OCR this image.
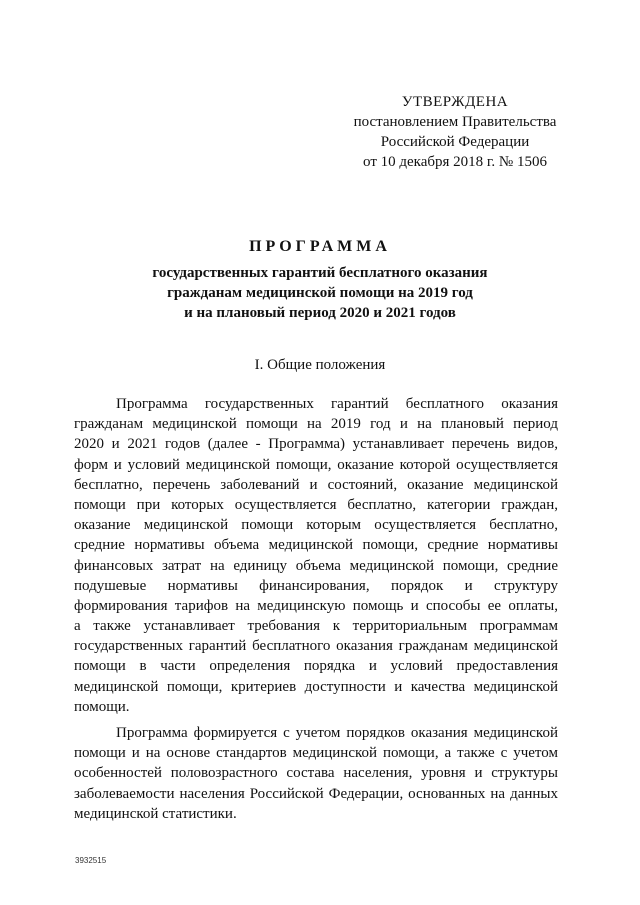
УТВЕРЖДЕНА
постановлением Правительства
Российской Федерации
от 10 декабря 2018 г. № 1506
ПРОГРАММА
государственных гарантий бесплатного оказания
гражданам медицинской помощи на 2019 год
и на плановый период 2020 и 2021 годов
I. Общие положения
Программа государственных гарантий бесплатного оказания
гражданам медицинской помощи на 2019 год и на плановый период
2020 и 2021 годов (далее - Программа) устанавливает перечень видов,
форм и условий медицинской помощи, оказание которой осуществляется
бесплатно, перечень заболеваний и состояний, оказание медицинской
помощи при которых осуществляется бесплатно, категории граждан,
оказание медицинской помощи которым осуществляется бесплатно,
средние нормативы объема медицинской помощи, средние нормативы
финансовых затрат на единицу объема медицинской помощи, средние
подушевые нормативы финансирования, порядок и структуру
формирования тарифов на медицинскую помощь и способы ее оплаты,
а также устанавливает требования к территориальным программам
государственных гарантий бесплатного оказания гражданам медицинской
помощи в части определения порядка и условий предоставления
медицинской помощи, критериев доступности и качества медицинской
помощи.
Программа формируется с учетом порядков оказания медицинской
помощи и на основе стандартов медицинской помощи, а также с учетом
особенностей половозрастного состава населения, уровня и структуры
заболеваемости населения Российской Федерации, основанных на данных
медицинской статистики.
3932515
